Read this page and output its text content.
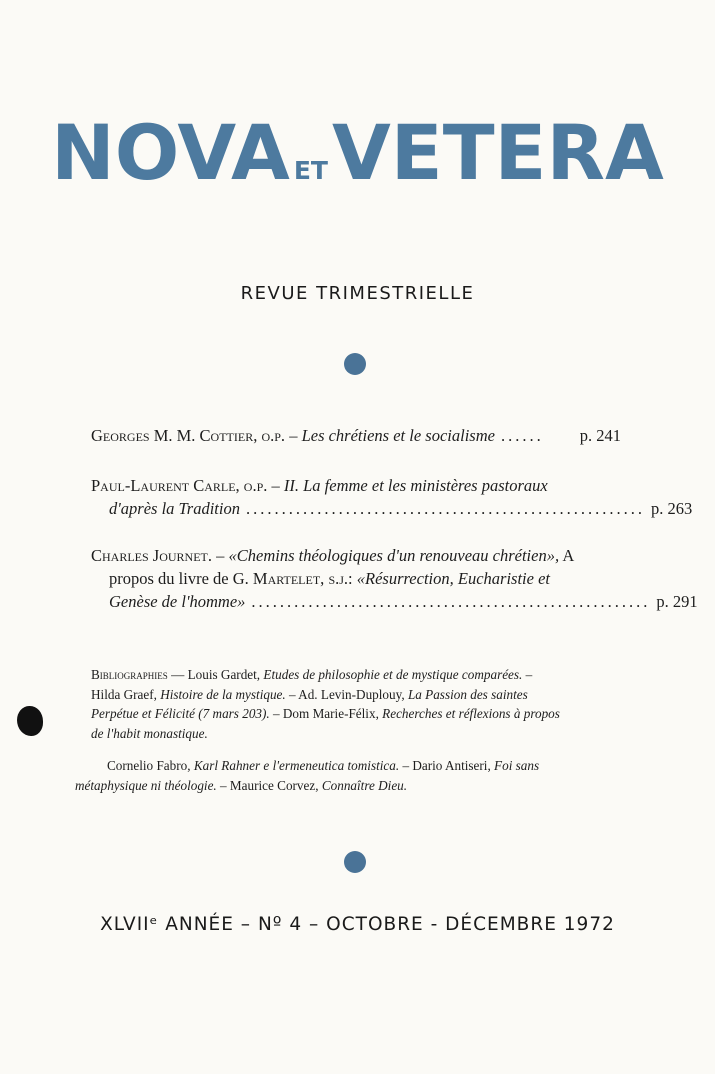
NOVA ETVETERA
REVUE TRIMESTRIELLE
Georges M. M. Cottier, o.p. – Les chrétiens et le socialisme ......	p. 241
Paul-Laurent Carle, o.p. – II. La femme et les ministères pastoraux
d'après la Tradition ........................................................ p. 263
Charles Journet. – «Chemins théologiques d'un renouveau chrétien», A
propos du livre de G. Martelet, s.j.: «Résurrection, Eucharistie et
Genèse de l'homme» ........................................................ p. 291

Bibliographies — Louis Gardet, Etudes de philosophie et de mystique comparées. –
Hilda Graef, Histoire de la mystique. – Ad. Levin-Duplouy, La Passion des saintes
Perpétue et Félicité (7 mars 203). – Dom Marie-Félix, Recherches et réflexions à propos
de l'habit monastique.

Cornelio Fabro, Karl Rahner e l'ermeneutica tomistica. – Dario Antiseri, Foi sans
métaphysique ni théologie. – Maurice Corvez, Connaître Dieu.

XLVIIᵉ ANNÉE – Nº 4 – OCTOBRE - DÉCEMBRE 1972
